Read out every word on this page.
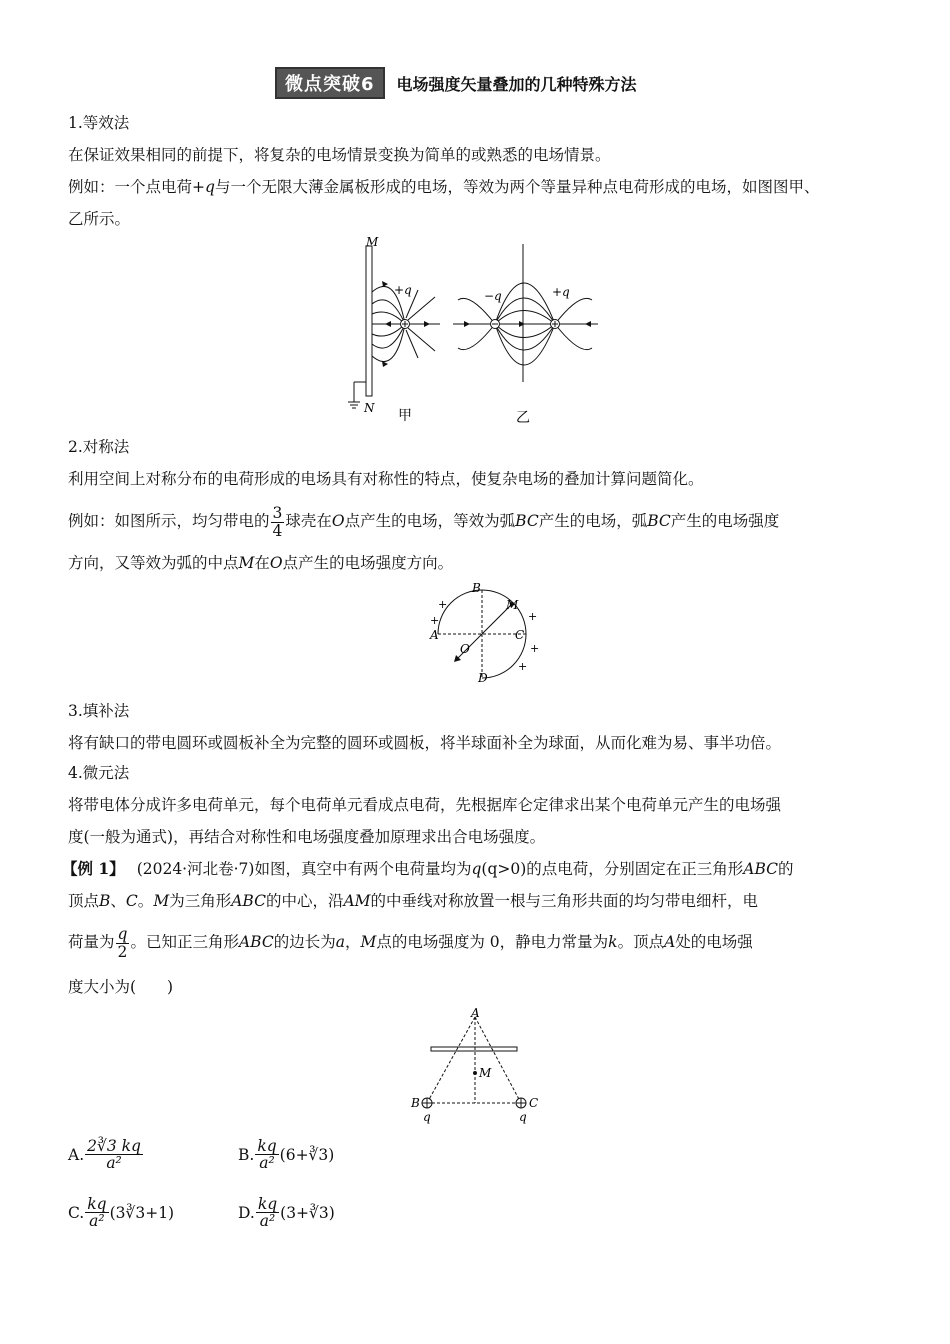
微点突破6	电场强度矢量叠加的几种特殊方法
1.等效法
在保证效果相同的前提下，将复杂的电场情景变换为简单的或熟悉的电场情景。
例如：一个点电荷+q与一个无限大薄金属板形成的电场，等效为两个等量异种点电荷形成的电场，如图图甲、
乙所示。
M
N
+q	−q	+q
甲	乙
2.对称法
利用空间上对称分布的电荷形成的电场具有对称性的特点，使复杂电场的叠加计算问题简化。
例如：如图所示，均匀带电的 $\frac{3}{4}$ 球壳在O点产生的电场，等效为弧BC产生的电场，弧BC产生的电场强度
方向，又等效为弧的中点M在O点产生的电场强度方向。
A
B
C
D
M
O
+
+	+
+
+
3.填补法
将有缺口的带电圆环或圆板补全为完整的圆环或圆板，将半球面补全为球面，从而化难为易、事半功倍。
4.微元法
将带电体分成许多电荷单元，每个电荷单元看成点电荷，先根据库仑定律求出某个电荷单元产生的电场强
度(一般为通式)，再结合对称性和电场强度叠加原理求出合电场强度。
【例 1】 (2024·河北卷·7)如图，真空中有两个电荷量均为q(q>0)的点电荷，分别固定在正三角形ABC的
顶点B、C。M为三角形ABC的中心，沿AM的中垂线对称放置一根与三角形共面的均匀带电细杆，电
荷量为 $\frac{q}{2}$ 。已知正三角形ABC的边长为a，M点的电场强度为 0，静电力常量为k。顶点A处的电场强
度大小为(　　)
A
B	C
M
q	q
A. $\frac{2∛3 kq}{\text{a²}}$	B. $\frac{kq}{\text{a²}}(6+∛3)$
C. $\frac{kq}{\text{a²}}(3∛3+1)$	D. $\frac{kq}{\text{a²}}(3+∛3)$
